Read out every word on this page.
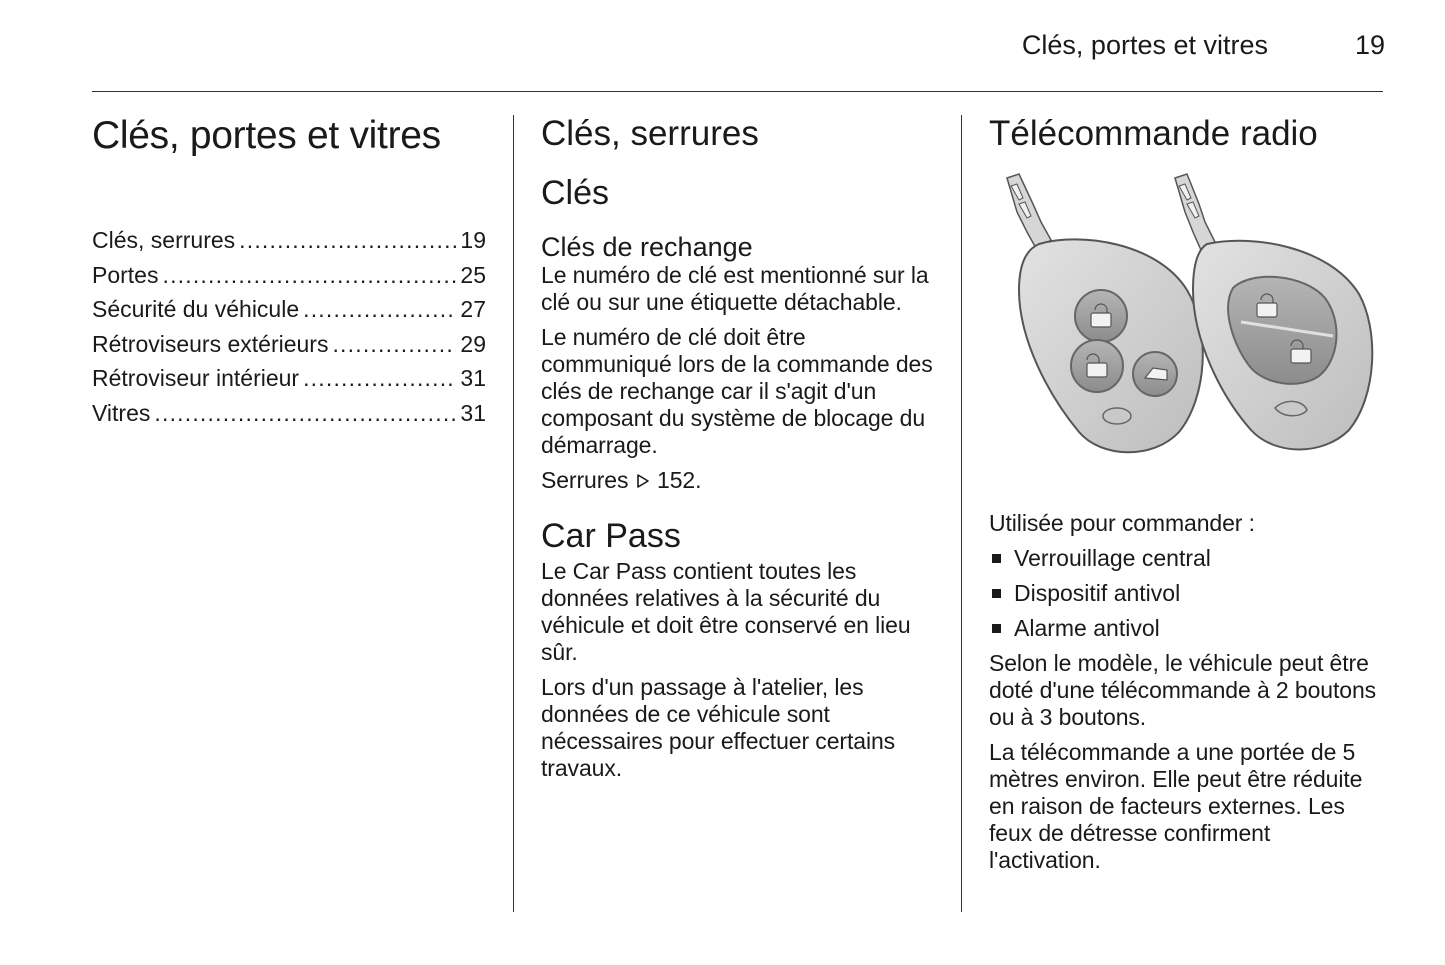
Clés, portes et vitres	19
Clés, portes et vitres
Clés, serrures .....	19
Portes .....	25
Sécurité du véhicule .....	27
Rétroviseurs extérieurs .....	29
Rétroviseur intérieur .....	31
Vitres .....	31
Clés, serrures
Clés
Clés de rechange

Le numéro de clé est mentionné sur la clé ou sur une étiquette détachable.

Le numéro de clé doit être communiqué lors de la commande des clés de rechange car il s'agit d'un composant du système de blocage du démarrage.

Serrures 152.

Car Pass

Le Car Pass contient toutes les données relatives à la sécurité du véhicule et doit être conservé en lieu sûr.

Lors d'un passage à l'atelier, les données de ce véhicule sont nécessaires pour effectuer certains travaux.

Télécommande radio

Utilisée pour commander :

Verrouillage central
Dispositif antivol
Alarme antivol

Selon le modèle, le véhicule peut être doté d'une télécommande à 2 boutons ou à 3 boutons.

La télécommande a une portée de 5 mètres environ. Elle peut être réduite en raison de facteurs externes. Les feux de détresse confirment l'activation.
